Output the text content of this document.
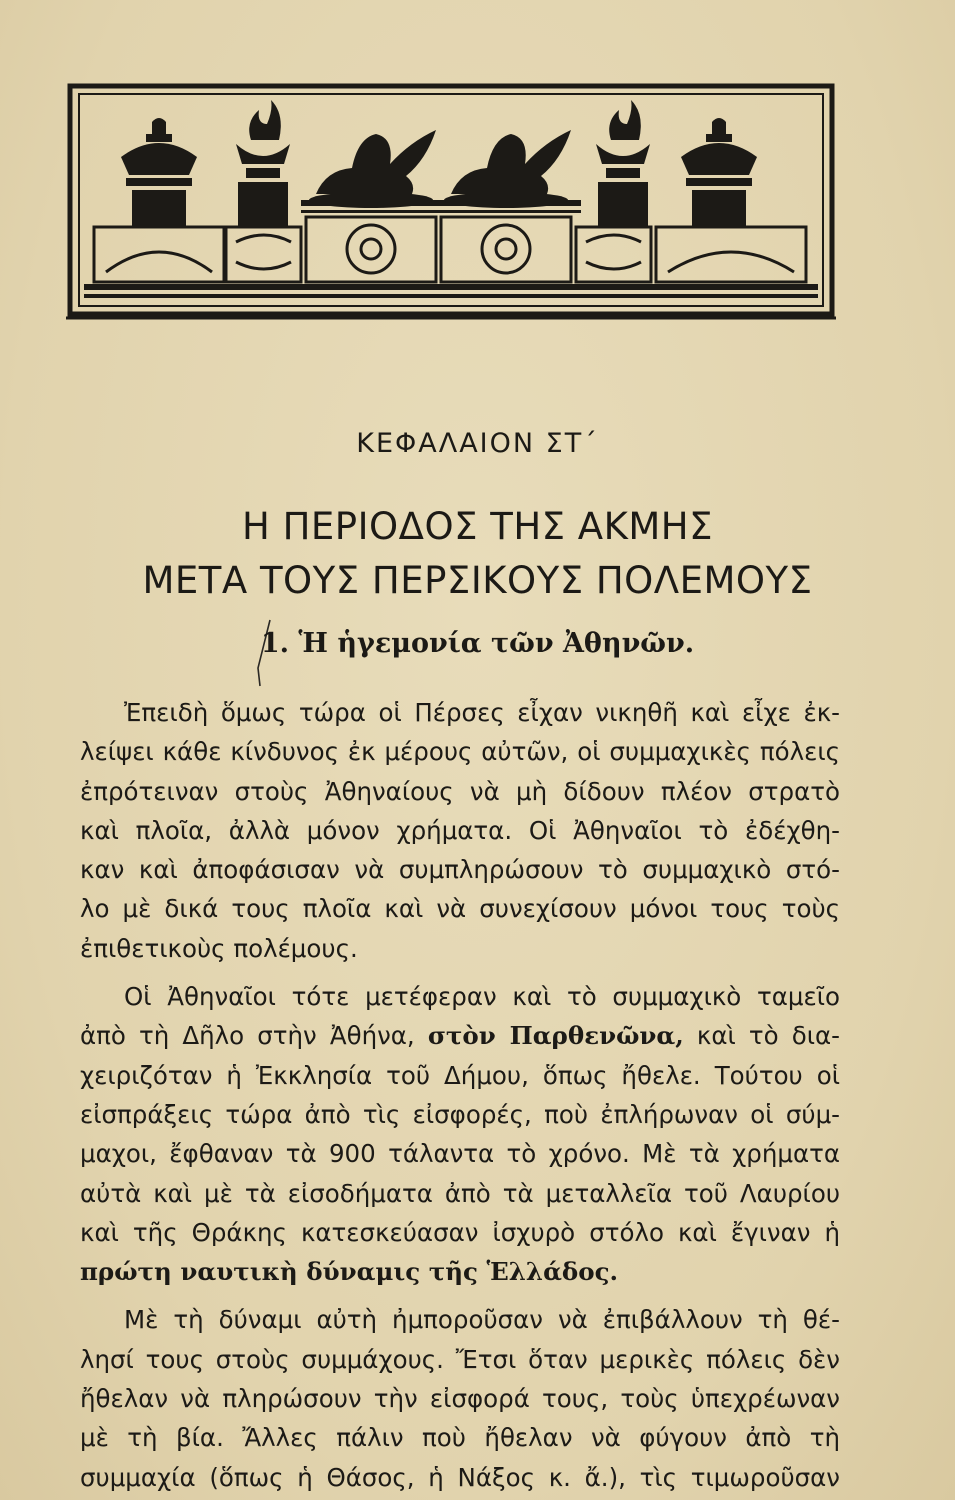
ΚΕΦΑΛΑΙΟΝ ΣΤ΄
Η ΠΕΡΙΟΔΟΣ ΤΗΣ ΑΚΜΗΣ
ΜΕΤΑ ΤΟΥΣ ΠΕΡΣΙΚΟΥΣ ΠΟΛΕΜΟΥΣ
1. Ἡ ἡγεμονία τῶν Ἀθηνῶν.
Ἐπειδὴ ὅμως τώρα οἱ Πέρσες εἶχαν νικηθῆ καὶ εἶχε ἐκ-
λείψει κάθε κίνδυνος ἐκ μέρους αὐτῶν, οἱ συμμαχικὲς πόλεις
ἐπρότειναν στοὺς Ἀθηναίους νὰ μὴ δίδουν πλέον στρατὸ
καὶ πλοῖα, ἀλλὰ μόνον χρήματα. Οἱ Ἀθηναῖοι τὸ ἐδέχθη-
καν καὶ ἀποφάσισαν νὰ συμπληρώσουν τὸ συμμαχικὸ στό-
λο μὲ δικά τους πλοῖα καὶ νὰ συνεχίσουν μόνοι τους τοὺς
ἐπιθετικοὺς πολέμους.
Οἱ Ἀθηναῖοι τότε μετέφεραν καὶ τὸ συμμαχικὸ ταμεῖο
ἀπὸ τὴ Δῆλο στὴν Ἀθήνα, στὸν Παρθενῶνα, καὶ τὸ δια-
χειριζόταν ἡ Ἐκκλησία τοῦ Δήμου, ὅπως ἤθελε. Τούτου οἱ
εἰσπράξεις τώρα ἀπὸ τὶς εἰσφορές, ποὺ ἐπλήρωναν οἱ σύμ-
μαχοι, ἔφθαναν τὰ 900 τάλαντα τὸ χρόνο. Μὲ τὰ χρήματα
αὐτὰ καὶ μὲ τὰ εἰσοδήματα ἀπὸ τὰ μεταλλεῖα τοῦ Λαυρίου
καὶ τῆς Θράκης κατεσκεύασαν ἰσχυρὸ στόλο καὶ ἔγιναν ἡ
πρώτη ναυτικὴ δύναμις τῆς Ἑλλάδος.
Μὲ τὴ δύναμι αὐτὴ ἠμποροῦσαν νὰ ἐπιβάλλουν τὴ θέ-
λησί τους στοὺς συμμάχους. Ἔτσι ὅταν μερικὲς πόλεις δὲν
ἤθελαν νὰ πληρώσουν τὴν εἰσφορά τους, τοὺς ὑπεχρέωναν
μὲ τὴ βία. Ἄλλες πάλιν ποὺ ἤθελαν νὰ φύγουν ἀπὸ τὴ
συμμαχία (ὅπως ἡ Θάσος, ἡ Νάξος κ. ἄ.), τὶς τιμωροῦσαν
